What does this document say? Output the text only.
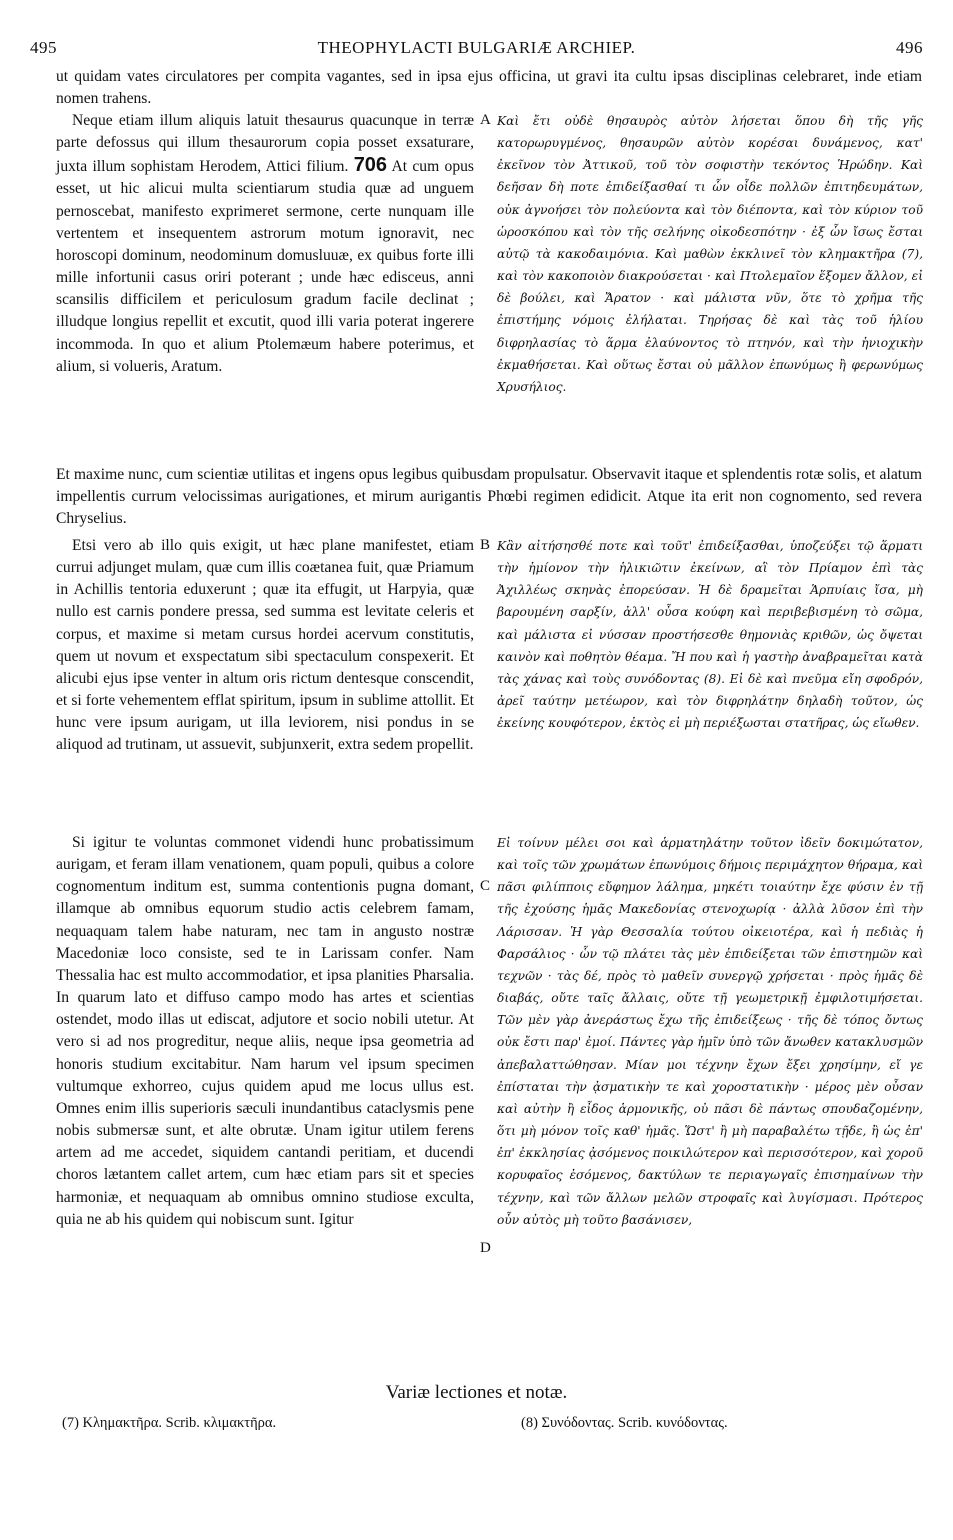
495	THEOPHYLACTI BULGARIÆ ARCHIEP.	496

ut quidam vates circulatores per compita vagantes, sed in ipsa ejus officina, ut gravi ita cultu ipsas disciplinas celebraret, inde etiam nomen trahens.

Neque etiam illum aliquis latuit thesaurus quacunque in terræ parte defossus qui illum thesaurorum copia posset exsaturare, juxta illum sophistam Herodem, Attici filium. 706 At cum opus esset, ut hic alicui multa scientiarum studia quæ ad unguem pernoscebat, manifesto exprimeret sermone, certe nunquam ille vertentem et insequentem astrorum motum ignoravit, nec horoscopi dominum, neodominum domusluuæ, ex quibus forte illi mille infortunii casus oriri poterant ; unde hæc edisceus, anni scansilis difficilem et periculosum gradum facile declinat ; illudque longius repellit et excutit, quod illi varia poterat ingerere incommoda. In quo et alium Ptolemæum habere poterimus, et alium, si volueris, Aratum.

A Καὶ ἔτι οὐδὲ θησαυρὸς αὐτὸν λήσεται ὅπου δὴ τῆς γῆς κατορωρυγμένος, θησαυρῶν αὐτὸν κορέσαι δυνάμενος, κατ' ἐκεῖνον τὸν Ἀττικοῦ, τοῦ τὸν σοφιστὴν τεκόντος Ἡρώδην. Καὶ δεῆσαν δὴ ποτε ἐπιδείξασθαί τι ὧν οἶδε πολλῶν ἐπιτηδευμάτων, οὐκ ἀγνοήσει τὸν πολεύοντα καὶ τὸν διέποντα, καὶ τὸν κύριον τοῦ ὡροσκόπου καὶ τὸν τῆς σελήνης οἰκοδεσπότην · ἐξ ὧν ἴσως ἔσται αὐτῷ τὰ κακοδαιμόνια. Καὶ μαθὼν ἐκκλινεῖ τὸν κλημακτῆρα (7), καὶ τὸν κακοποιὸν διακρούσεται · καὶ Πτολεμαῖον ἕξομεν ἄλλον, εἰ δὲ βούλει, καὶ Ἄρατον · καὶ μάλιστα νῦν, ὅτε τὸ χρῆμα τῆς ἐπιστήμης νόμοις ἐλήλαται. Τηρήσας δὲ καὶ τὰς τοῦ ἡλίου διφρηλασίας τὸ ἅρμα ἐλαύνοντος τὸ πτηνόν, καὶ τὴν ἡνιοχικὴν ἐκμαθήσεται. Καὶ οὕτως ἔσται οὐ μᾶλλον ἐπωνύμως ἢ φερωνύμως Χρυσήλιος.

Et maxime nunc, cum scientiæ utilitas et ingens opus legibus quibusdam propulsatur. Observavit itaque et splendentis rotæ solis, et alatum impellentis currum velocissimas aurigationes, et mirum aurigantis Phœbi regimen edidicit. Atque ita erit non cognomento, sed revera Chryselius.

Etsi vero ab illo quis exigit, ut hæc plane manifestet, etiam currui adjunget mulam, quæ cum illis coætanea fuit, quæ Priamum in Achillis tentoria eduxerunt ; quæ ita effugit, ut Harpyia, quæ nullo est carnis pondere pressa, sed summa est levitate celeris et corpus, et maxime si metam cursus hordei acervum constitutis, quem ut novum et exspectatum sibi spectaculum conspexerit. Et alicubi ejus ipse venter in altum oris rictum dentesque conscendit, et si forte vehementem efflat spiritum, ipsum in sublime attollit. Et hunc vere ipsum aurigam, ut illa leviorem, nisi pondus in se aliquod ad trutinam, ut assuevit, subjunxerit, extra sedem propellit.

B Κἂν αἰτήσησθέ ποτε καὶ τοῦτ' ἐπιδείξασθαι, ὑποζεύξει τῷ ἅρματι τὴν ἡμίονον τὴν ἡλικιῶτιν ἐκείνων, αἳ τὸν Πρίαμον ἐπὶ τὰς Ἀχιλλέως σκηνὰς ἐπορεύσαν. Ἡ δὲ δραμεῖται Ἁρπυίαις ἴσα, μὴ βαρουμένη σαρξίν, ἀλλ' οὖσα κούφη καὶ περιβεβισμένη τὸ σῶμα, καὶ μάλιστα εἰ νύσσαν προστήσεσθε θημονιὰς κριθῶν, ὡς ὄψεται καινὸν καὶ ποθητὸν θέαμα. Ἤ που καὶ ἡ γαστὴρ ἀναβραμεῖται κατὰ τὰς χάνας καὶ τοὺς συνόδοντας (8). Εἰ δὲ καὶ πνεῦμα εἴη σφοδρόν, ἀρεῖ ταύτην μετέωρον, καὶ τὸν διφρηλάτην δηλαδὴ τοῦτον, ὡς ἐκείνης κουφότερον, ἐκτὸς εἰ μὴ περιέξωσται στατῆρας, ὡς εἴωθεν.

Si igitur te voluntas commonet videndi hunc probatissimum aurigam, et feram illam venationem, quam populi, quibus a colore cognomentum inditum est, summa contentionis pugna domant, illamque ab omnibus equorum studio actis celebrem famam, nequaquam talem habe naturam, nec tam in angusto nostræ Macedoniæ loco consiste, sed te in Larissam confer. Nam Thessalia hac est multo accommodatior, et ipsa planities Pharsalia. In quarum lato et diffuso campo modo has artes et scientias ostendet, modo illas ut ediscat, adjutore et socio nobili utetur. At vero si ad nos progreditur, neque aliis, neque ipsa geometria ad honoris studium excitabitur. Nam harum vel ipsum specimen vultumque exhorreo, cujus quidem apud me locus ullus est. Omnes enim illis superioris sæculi inundantibus cataclysmis pene nobis submersæ sunt, et alte obrutæ. Unam igitur utilem ferens artem ad me accedet, siquidem cantandi peritiam, et ducendi choros lætantem callet artem, cum hæc etiam pars sit et species harmoniæ, et nequaquam ab omnibus omnino studiose exculta, quia ne ab his quidem qui nobiscum sunt. Igitur

C
D

Εἰ τοίνυν μέλει σοι καὶ ἁρματηλάτην τοῦτον ἰδεῖν δοκιμώτατον, καὶ τοῖς τῶν χρωμάτων ἐπωνύμοις δήμοις περιμάχητον θήραμα, καὶ πᾶσι φιλίπποις εὔφημον λάλημα, μηκέτι τοιαύτην ἔχε φύσιν ἐν τῇ τῆς ἐχούσης ἡμᾶς Μακεδονίας στενοχωρίᾳ · ἀλλὰ λῦσον ἐπὶ τὴν Λάρισσαν. Ἡ γὰρ Θεσσαλία τούτου οἰκειοτέρα, καὶ ἡ πεδιὰς ἡ Φαρσάλιος · ὧν τῷ πλάτει τὰς μὲν ἐπιδείξεται τῶν ἐπιστημῶν καὶ τεχνῶν · τὰς δέ, πρὸς τὸ μαθεῖν συνεργῷ χρήσεται · πρὸς ἡμᾶς δὲ διαβάς, οὔτε ταῖς ἄλλαις, οὔτε τῇ γεωμετρικῇ ἐμφιλοτιμήσεται. Τῶν μὲν γὰρ ἀνεράστως ἔχω τῆς ἐπιδείξεως · τῆς δὲ τόπος ὄντως οὐκ ἔστι παρ' ἐμοί. Πάντες γὰρ ἡμῖν ὑπὸ τῶν ἄνωθεν κατακλυσμῶν ἀπεβαλαττώθησαν. Μίαν μοι τέχνην ἔχων ἔξει χρησίμην, εἴ γε ἐπίσταται τὴν ᾀσματικὴν τε καὶ χοροστατικὴν · μέρος μὲν οὖσαν καὶ αὐτὴν ἢ εἶδος ἁρμονικῆς, οὐ πᾶσι δὲ πάντως σπουδαζομένην, ὅτι μὴ μόνον τοῖς καθ' ἡμᾶς. Ὥστ' ἢ μὴ παραβαλέτω τῇδε, ἢ ὡς ἐπ' ἐπ' ἐκκλησίας ᾀσόμενος ποικιλώτερον καὶ περισσότερον, καὶ χοροῦ κορυφαῖος ἐσόμενος, δακτύλων τε περιαγωγαῖς ἐπισημαίνων τὴν τέχνην, καὶ τῶν ἄλλων μελῶν στροφαῖς καὶ λυγίσμασι. Πρότερος οὖν αὐτὸς μὴ τοῦτο βασάνισεν,

Variæ lectiones et notæ.
(7) Κλημακτῆρα. Scrib. κλιμακτῆρα.	(8) Συνόδοντας. Scrib. κυνόδοντας.
